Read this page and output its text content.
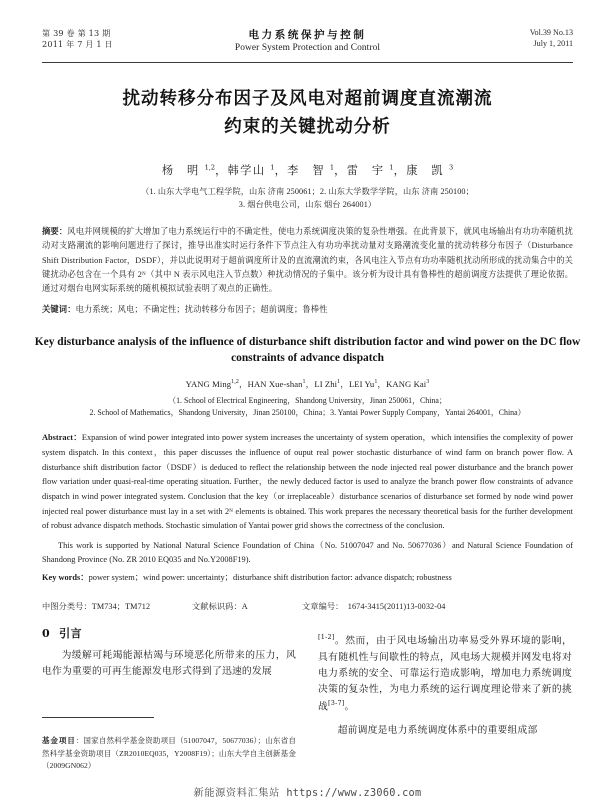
第 39 卷 第 13 期
2011 年 7 月 1 日
电力系统保护与控制
Power System Protection and Control
Vol.39 No.13
July 1, 2011
扰动转移分布因子及风电对超前调度直流潮流
约束的关键扰动分析
杨　明 $^{1,2}$，韩学山 $^1$，李　智 $^1$，雷　宇 $^1$，康　凯 $^3$
（1. 山东大学电气工程学院，山东 济南 250061；2. 山东大学数学学院，山东 济南 250100；
3. 烟台供电公司，山东 烟台 264001）
摘要：风电并网规模的扩大增加了电力系统运行中的不确定性，使电力系统调度决策的复杂性增强。在此背景下，就风电场输出有功功率随机扰动对支路潮流的影响问题进行了探讨，推导出准实时运行条件下节点注入有功功率扰动量对支路潮流变化量的扰动转移分布因子（Disturbance Shift Distribution Factor，DSDF），并以此说明对于超前调度所计及的直流潮流约束，各风电注入节点有功功率随机扰动所形成的扰动集合中的关键扰动必包含在一个具有 2ᴺ（其中 N 表示风电注入节点数）种扰动情况的子集中。该分析为设计具有鲁棒性的超前调度方法提供了理论依据。通过对烟台电网实际系统的随机模拟试验表明了观点的正确性。
关键词：电力系统；风电；不确定性；扰动转移分布因子；超前调度；鲁棒性
Key disturbance analysis of the influence of disturbance shift distribution factor and wind power on the DC flow constraints of advance dispatch
YANG Ming$^{1,2}$，HAN Xue-shan$^1$，LI Zhi$^1$，LEI Yu$^1$，KANG Kai$^3$
（1. School of Electrical Engineering，Shandong University，Jinan 250061，China；
2. School of Mathematics，Shandong University，Jinan 250100，China；3. Yantai Power Supply Company，Yantai 264001，China）
Abstract：Expansion of wind power integrated into power system increases the uncertainty of system operation，which intensifies the complexity of power system dispatch. In this context，this paper discusses the influence of ouput real power stochastic disturbance of wind farm on branch power flow. A disturbance shift distribution factor（DSDF）is deduced to reflect the relationship between the node injected real power disturbance and the branch power flow variation under quasi-real-time operating situation. Further，the newly deduced factor is used to analyze the branch power flow constraints of advance dispatch in wind power integrated system. Conclusion that the key（or irreplaceable）disturbance scenarios of disturbance set formed by node wind power injected real power disturbance must lay in a set with 2ᴺ elements is obtained. This work prepares the necessary theoretical basis for the further development of robust advance dispatch methods. Stochastic simulation of Yantai power grid shows the correctness of the conclusion.
This work is supported by National Natural Science Foundation of China（No. 51007047 and No. 50677036）and Natural Science Foundation of Shandong Province (No. ZR 2010 EQ035 and No.Y2008F19).
Key words：power system；wind power: uncertainty；disturbance shift distribution factor: advance dispatch; robustness
中图分类号：TM734；TM712	文献标识码：A	文章编号： 1674-3415(2011)13-0032-04
0 引言
为缓解可耗竭能源枯竭与环境恶化所带来的压力，风电作为重要的可再生能源发电形式得到了迅速的发展
基金项目：国家自然科学基金资助项目（51007047，50677036）；山东省自然科学基金资助项目（ZR2010EQ035，Y2008F19）；山东大学自主创新基金（2009GN062）
[1-2]。然而，由于风电场输出功率易受外界环境的影响，具有随机性与间歇性的特点，风电场大规模并网发电将对电力系统的安全、可靠运行造成影响，增加电力系统调度决策的复杂性，为电力系统的运行调度理论带来了新的挑战[3-7]。
超前调度是电力系统调度体系中的重要组成部
新能源资料汇集站 https://www.z3060.com
